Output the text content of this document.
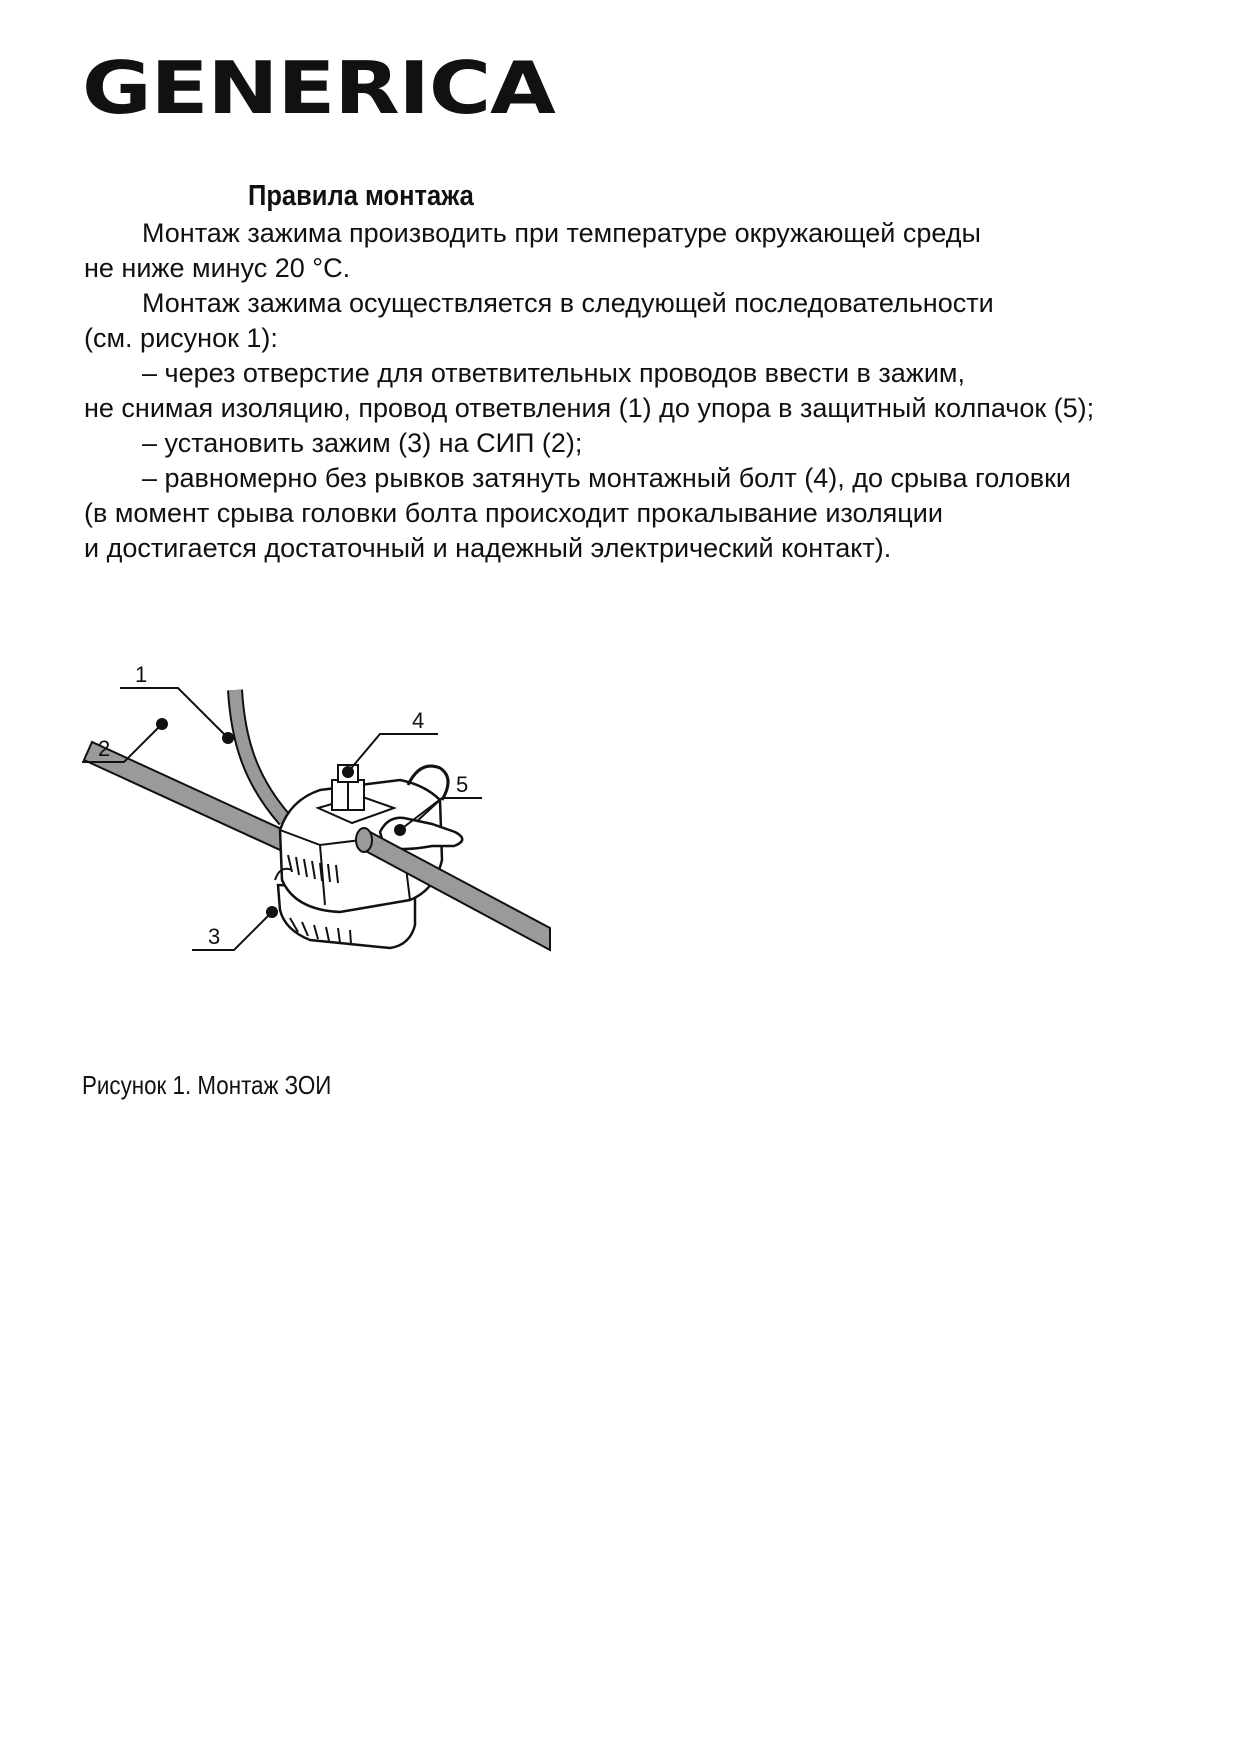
GENERICA
Правила монтажа
Монтаж зажима производить при температуре окружающей среды
не ниже минус 20 °С.
Монтаж зажима осуществляется в следующей последовательности
(см. рисунок 1):
– через отверстие для ответвительных проводов ввести в зажим,
не снимая изоляцию, провод ответвления (1) до упора в защитный колпачок (5);
– установить зажим (3) на СИП (2);
– равномерно без рывков затянуть монтажный болт (4), до срыва головки
(в момент срыва головки болта происходит прокалывание изоляции
и достигается достаточный и надежный электрический контакт).
1
2
3
4
5
Рисунок 1. Монтаж ЗОИ
